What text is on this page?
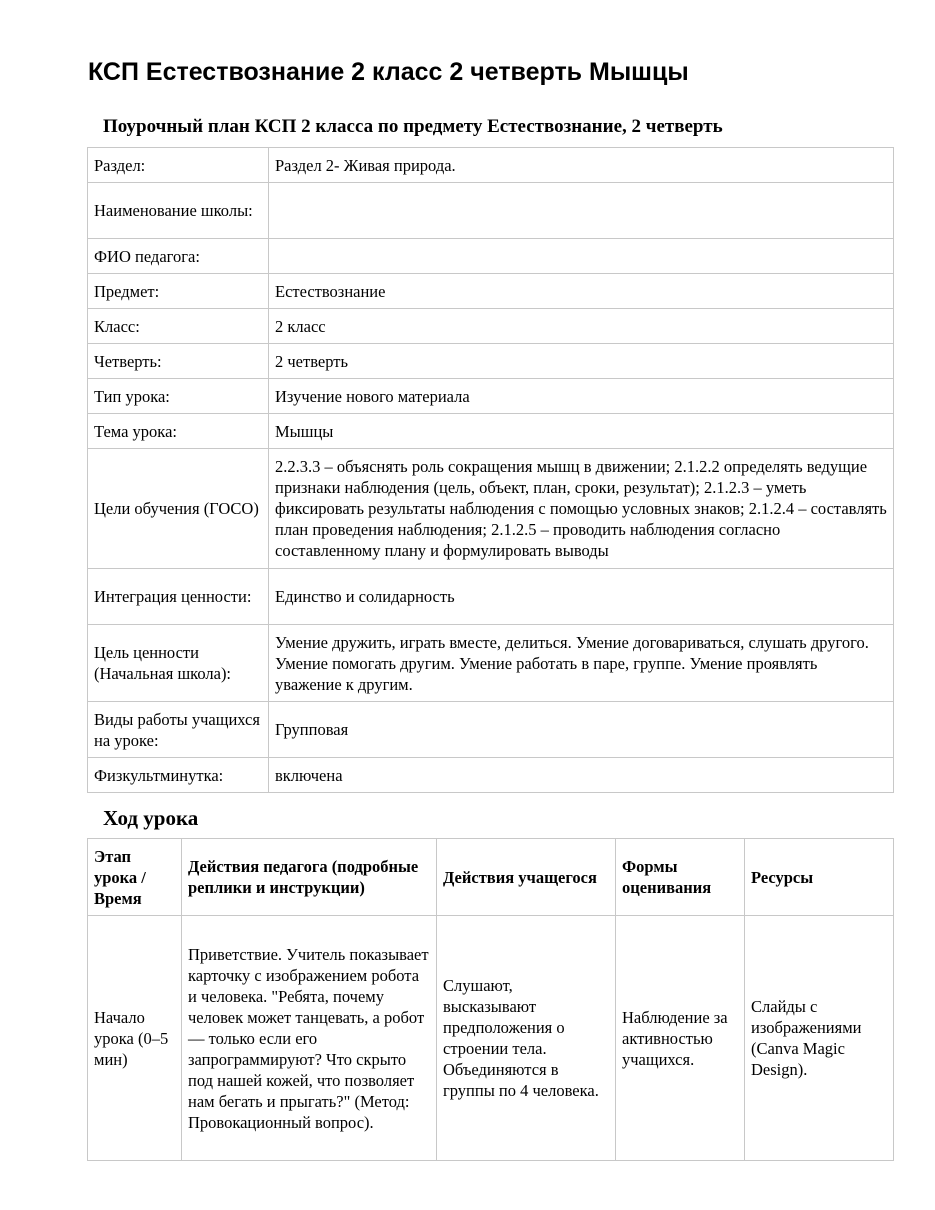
КСП Естествознание 2 класс 2 четверть Мышцы
Поурочный план КСП 2 класса по предмету Естествознание, 2 четверть
Раздел:	Раздел 2- Живая природа.
Наименование школы:	
ФИО педагога:	
Предмет:	Естествознание
Класс:	2 класс
Четверть:	2 четверть
Тип урока:	Изучение нового материала
Тема урока:	Мышцы
Цели обучения (ГОСО)	2.2.3.3 – объяснять роль сокращения мышц в движении; 2.1.2.2 определять ведущие признаки наблюдения (цель, объект, план, сроки, результат); 2.1.2.3 – уметь фиксировать результаты наблюдения с помощью условных знаков; 2.1.2.4 – составлять план проведения наблюдения; 2.1.2.5 – проводить наблюдения согласно составленному плану и формулировать выводы
Интеграция ценности:	Единство и солидарность
Цель ценности (Начальная школа):	Умение дружить, играть вместе, делиться. Умение договариваться, слушать другого. Умение помогать другим. Умение работать в паре, группе. Умение проявлять уважение к другим.
Виды работы учащихся на уроке:	Групповая
Физкультминутка:	включена
Ход урока
Этап урока / Время	Действия педагога (подробные реплики и инструкции)	Действия учащегося	Формы оценивания	Ресурсы
Начало урока (0–5 мин)	Приветствие. Учитель показывает карточку с изображением робота и человека. "Ребята, почему человек может танцевать, а робот — только если его запрограммируют? Что скрыто под нашей кожей, что позволяет нам бегать и прыгать?" (Метод: Провокационный вопрос).	Слушают, высказывают предположения о строении тела. Объединяются в группы по 4 человека.	Наблюдение за активностью учащихся.	Слайды с изображениями (Canva Magic Design).
